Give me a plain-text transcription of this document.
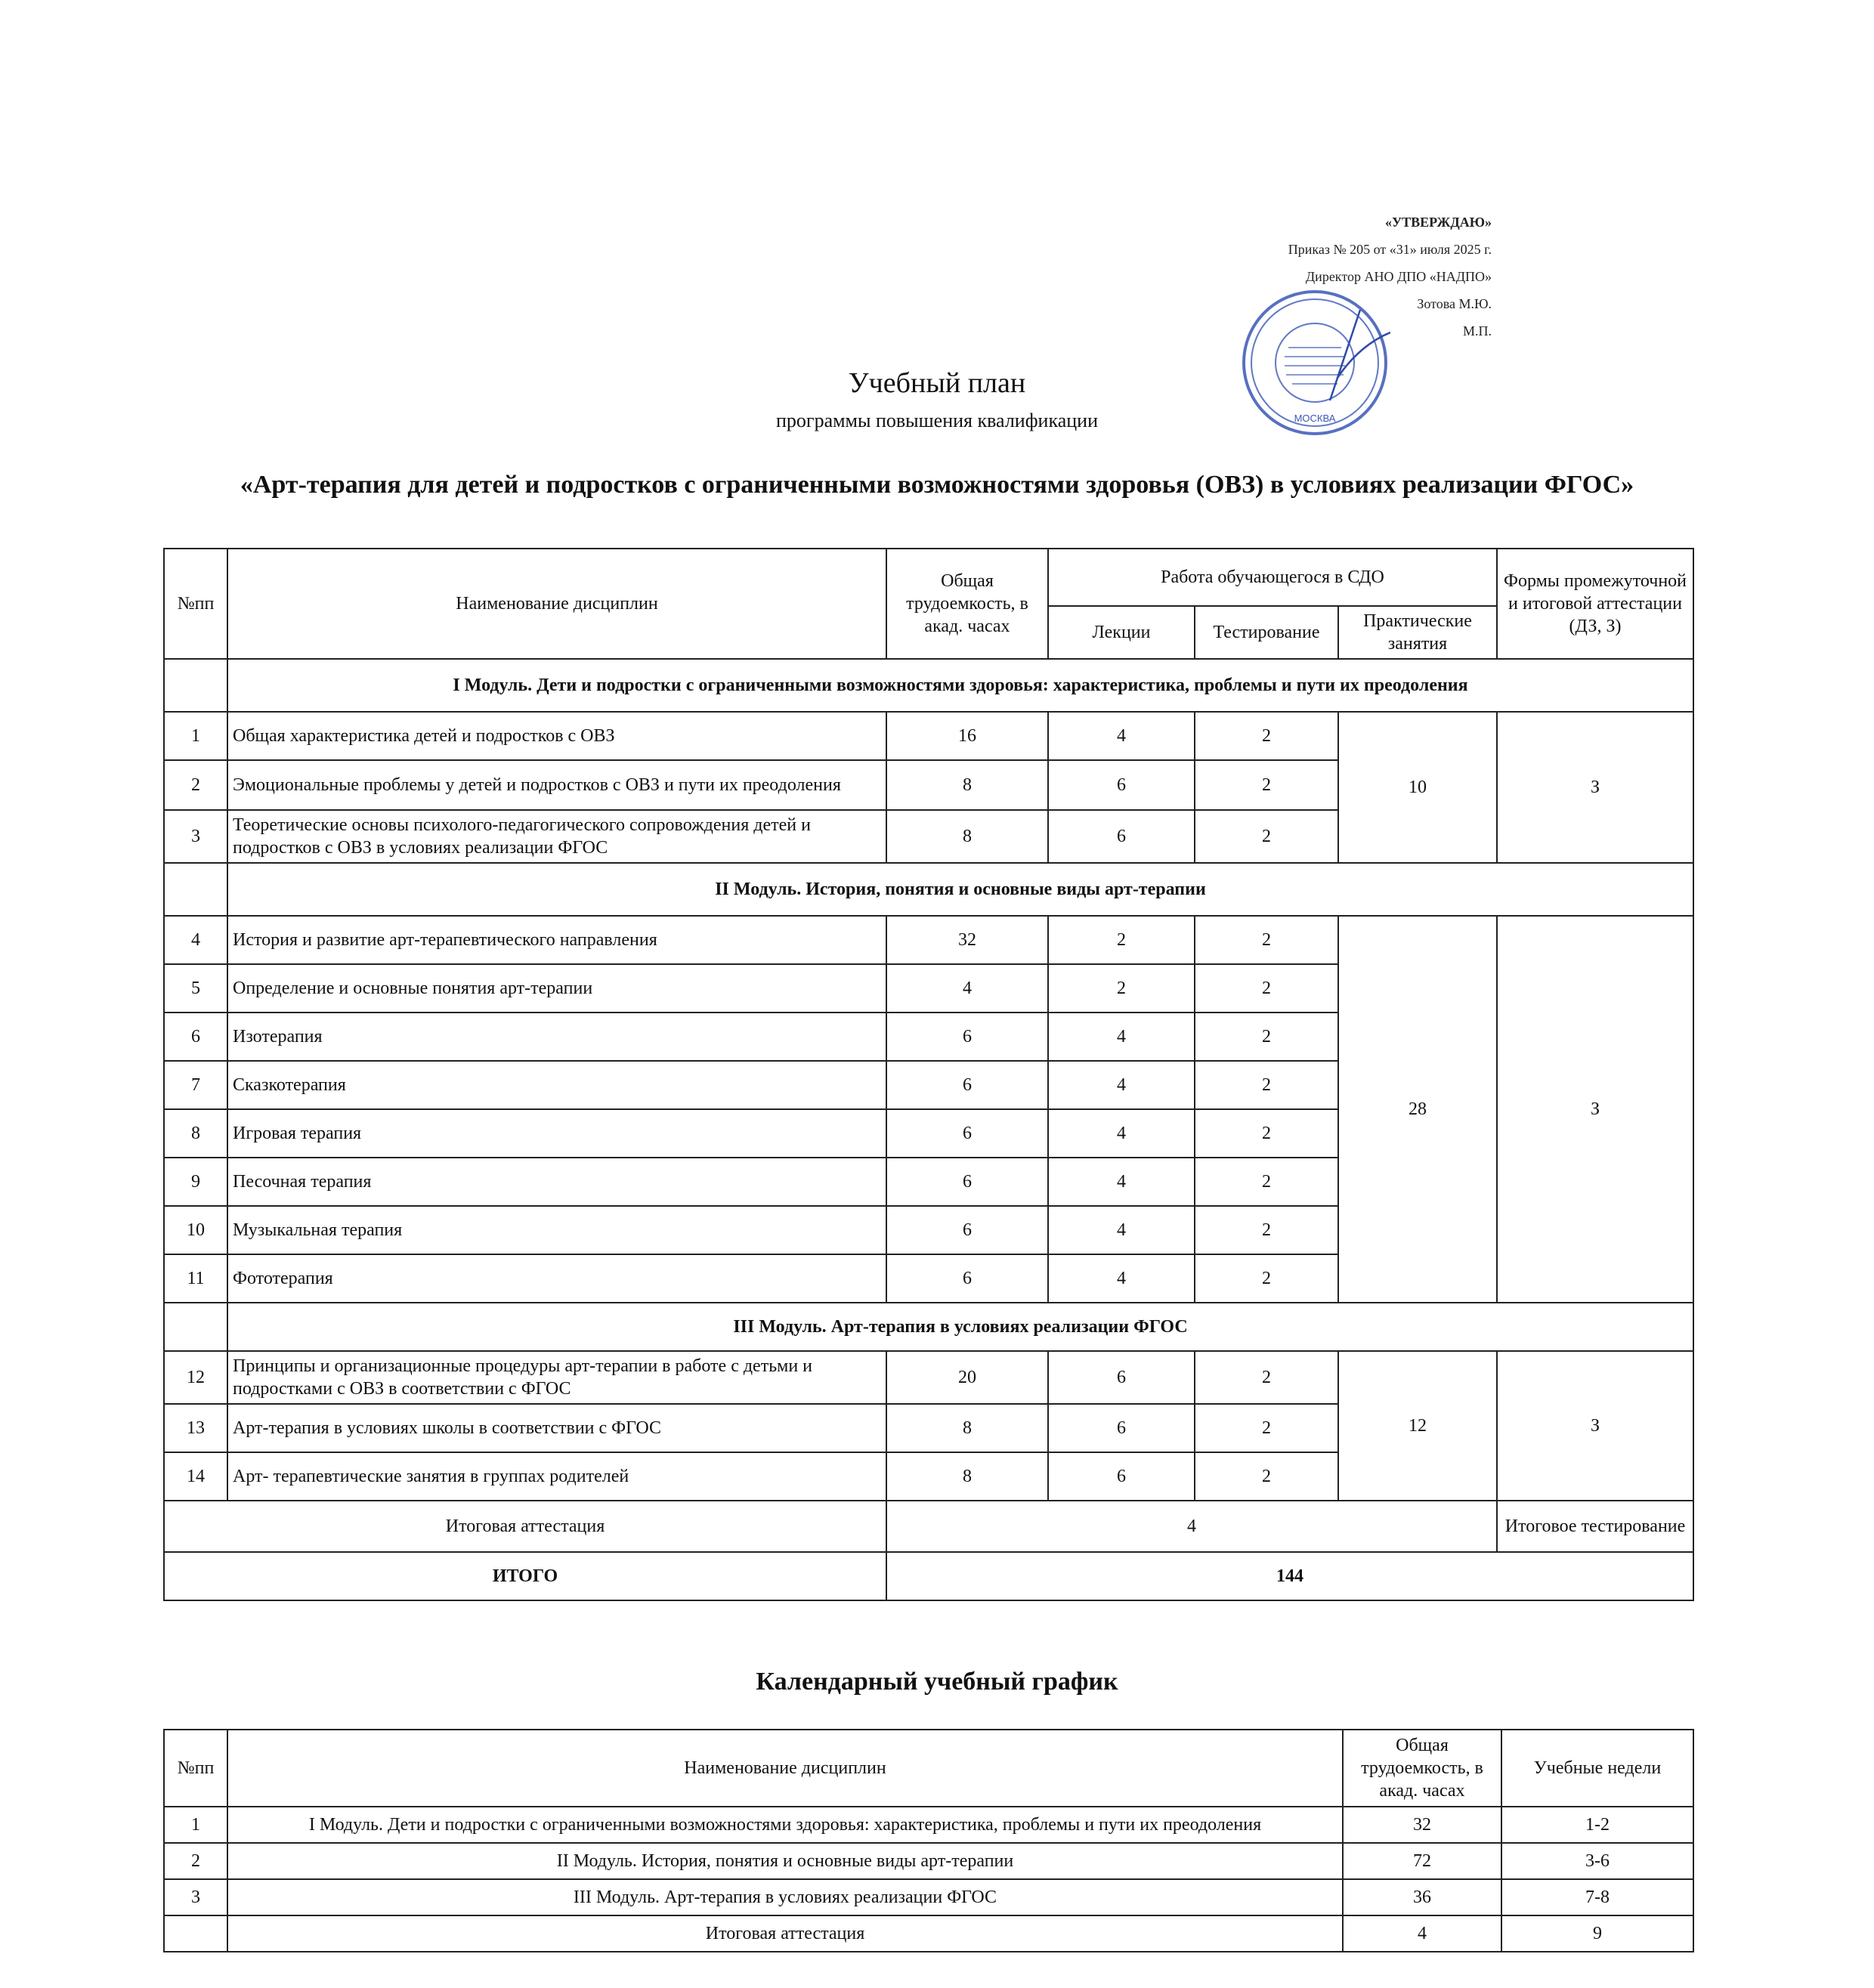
«УТВЕРЖДАЮ»
Приказ № 205 от «31» июля 2025 г.
Директор АНО ДПО «НАДПО»
Зотова М.Ю.
М.П.
МОСКВА
Учебный план
программы повышения квалификации
«Арт-терапия для детей и подростков с ограниченными возможностями здоровья (ОВЗ) в условиях реализации ФГОС»
№пп	Наименование дисциплин	Общая трудоемкость, в акад. часах	Работа обучающегося в СДО			Формы промежуточной и итоговой аттестации (ДЗ, З)
			Лекции	Тестирование	Практические занятия	
	I Модуль. Дети и подростки с ограниченными возможностями здоровья: характеристика, проблемы и пути их преодоления					
1	Общая характеристика детей и подростков с ОВЗ	16	4	2	10	З
2	Эмоциональные проблемы у детей и подростков с ОВЗ и пути их преодоления	8	6	2		
3	Теоретические основы психолого-педагогического сопровождения детей и подростков с ОВЗ в условиях реализации ФГОС	8	6	2		
	II Модуль. История, понятия и основные виды арт-терапии					
4	История и развитие арт-терапевтического направления	32	2	2	28	З
5	Определение и основные понятия арт-терапии	4	2	2		
6	Изотерапия	6	4	2		
7	Сказкотерапия	6	4	2		
8	Игровая терапия	6	4	2		
9	Песочная терапия	6	4	2		
10	Музыкальная терапия	6	4	2		
11	Фототерапия	6	4	2		
	III Модуль. Арт-терапия в условиях реализации ФГОС					
12	Принципы и организационные процедуры арт-терапии в работе с детьми и подростками с ОВЗ в соответствии с ФГОС	20	6	2	12	З
13	Арт-терапия в условиях школы в соответствии с ФГОС	8	6	2		
14	Арт- терапевтические занятия в группах родителей	8	6	2		
Итоговая аттестация		4				Итоговое тестирование
ИТОГО		144				
Календарный учебный график
№пп	Наименование дисциплин	Общая трудоемкость, в акад. часах	Учебные недели
1	I Модуль. Дети и подростки с ограниченными возможностями здоровья: характеристика, проблемы и пути их преодоления	32	1-2
2	II Модуль. История, понятия и основные виды арт-терапии	72	3-6
3	III Модуль. Арт-терапия в условиях реализации ФГОС	36	7-8
	Итоговая аттестация	4	9
